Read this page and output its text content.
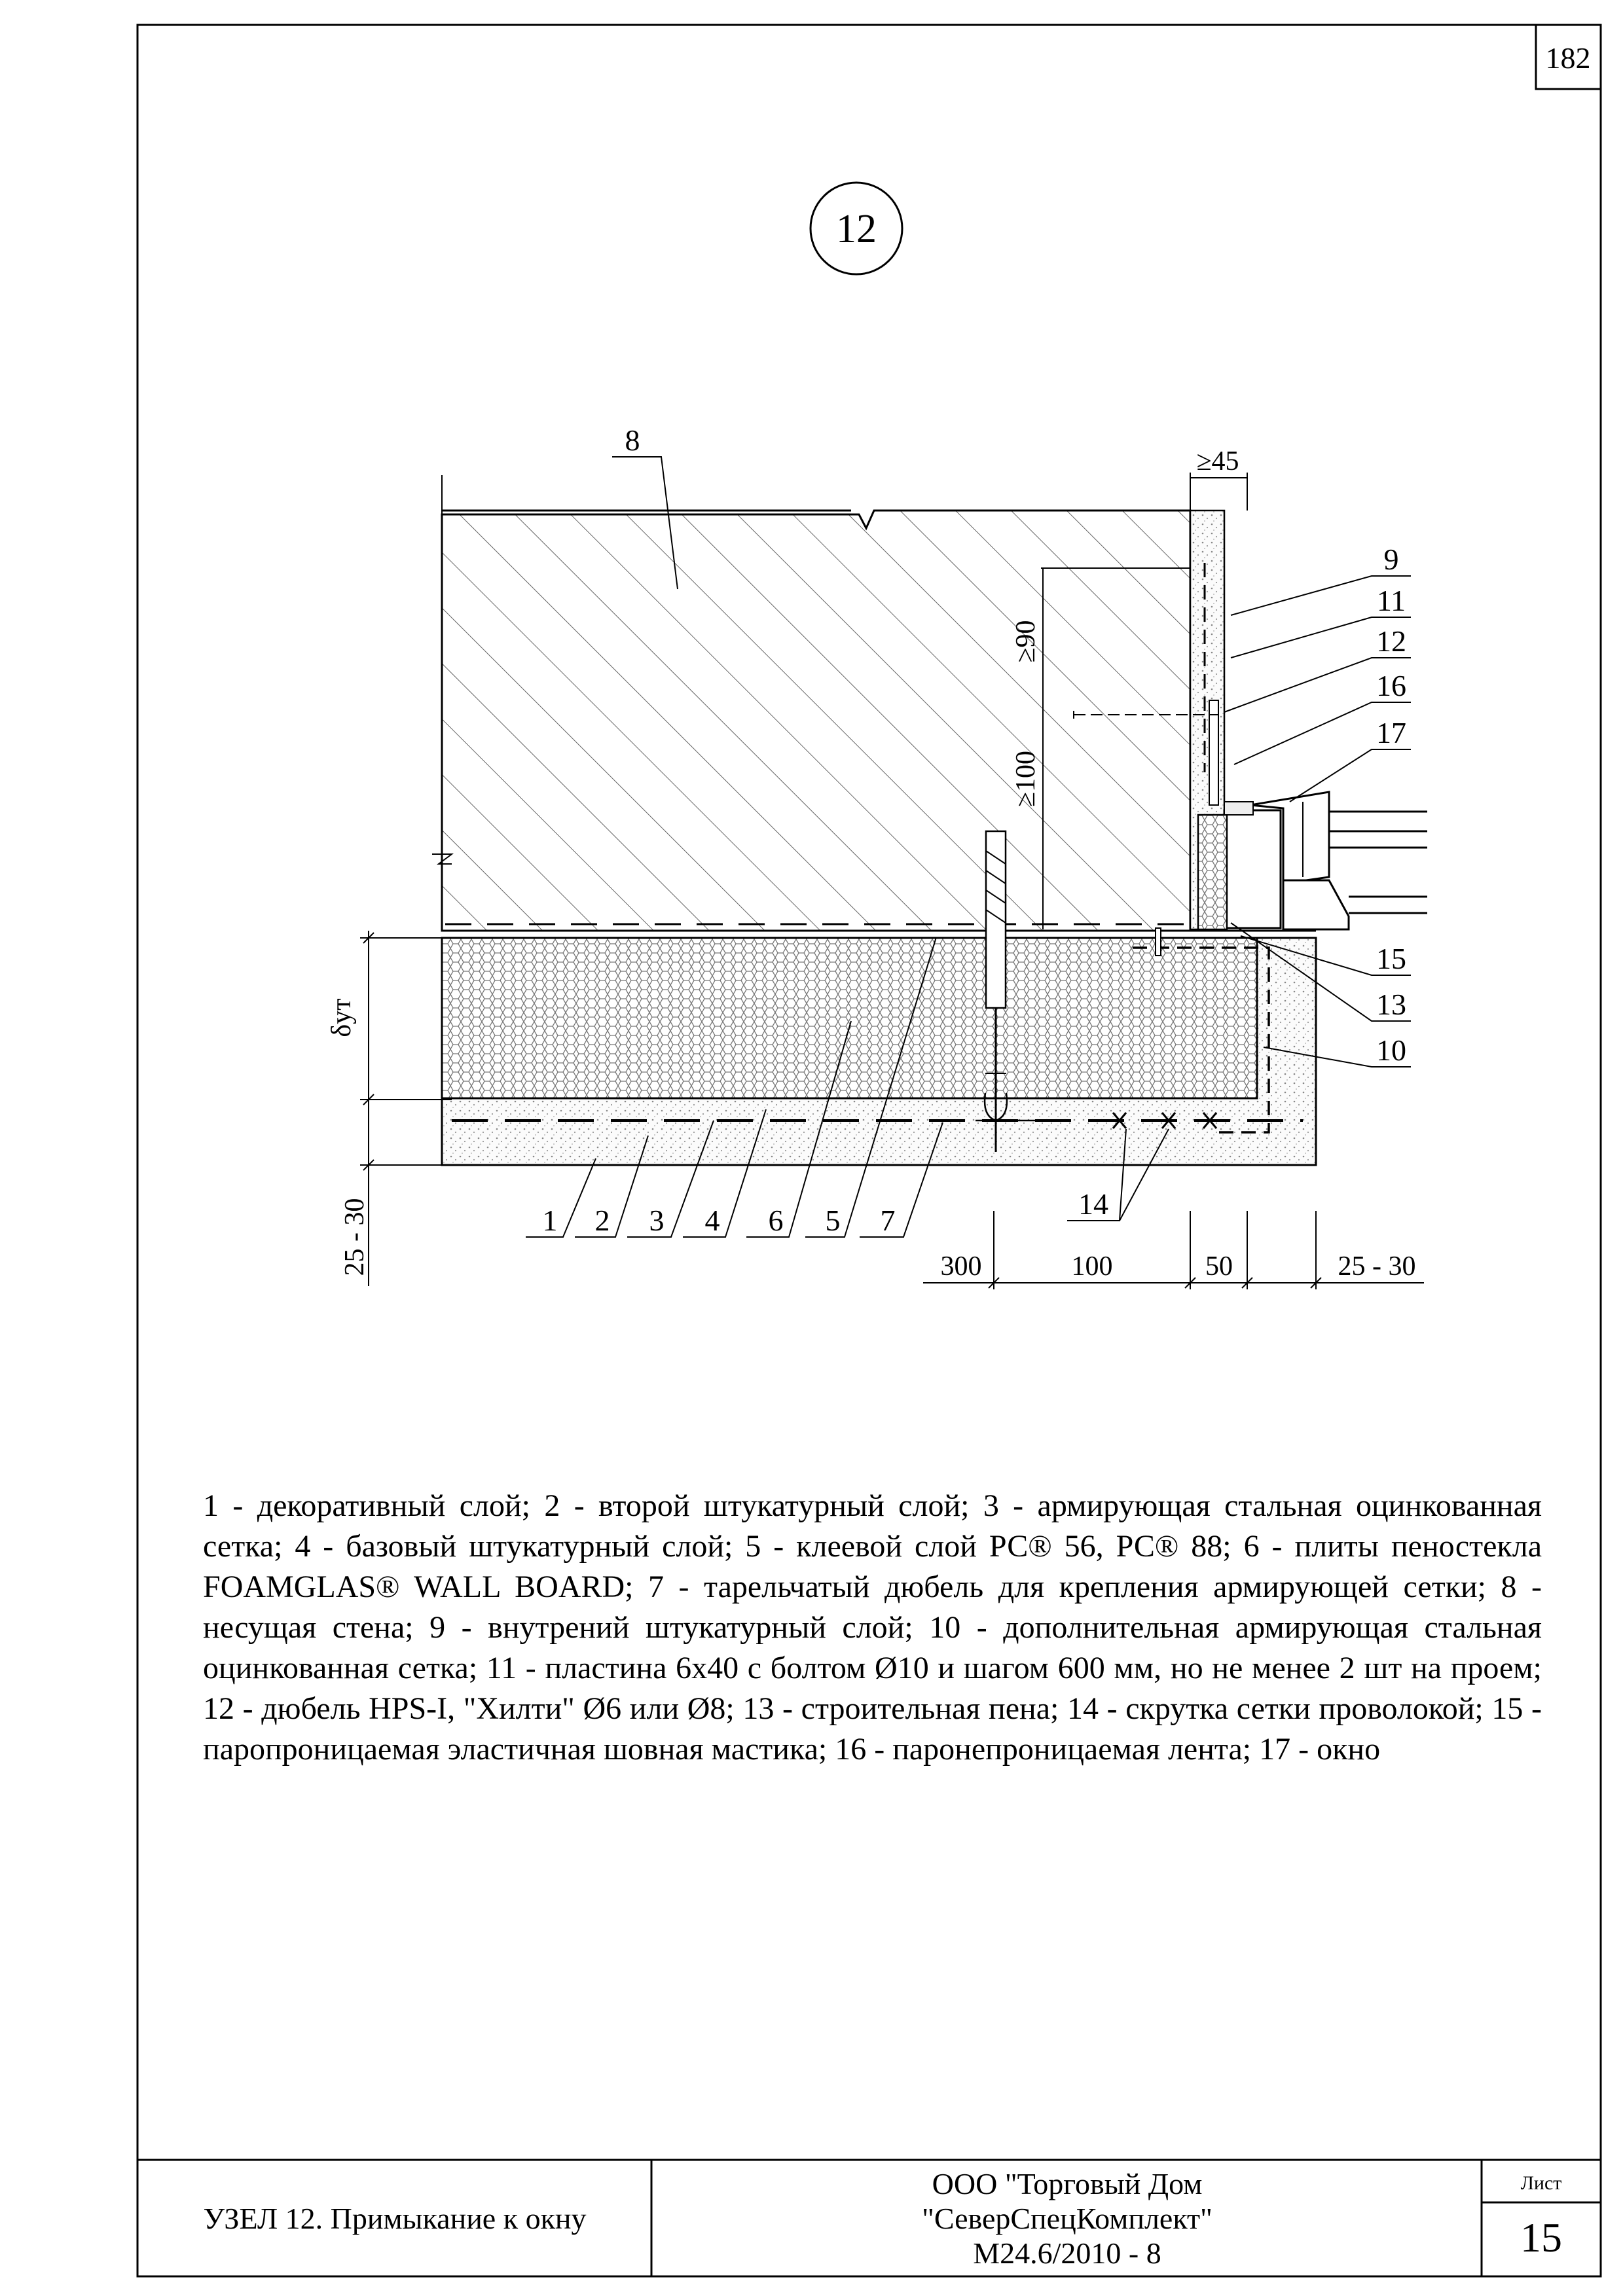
182
12
≥45
≥90
≥100
δут
25 - 30	300	100	50	25 - 30
8
9
11
12
16
17
15
13
10
14
1 2 3 4 6 5 7
УЗЕЛ 12. Примыкание к окну
ООО "Торговый Дом
"СеверСпецКомплект"
М24.6/2010 - 8
Лист
15
1 - декоративный слой; 2 - второй штукатурный слой; 3 - армирующая стальная оцинкованная сетка; 4 - базовый штукатурный слой; 5 - клеевой слой РС® 56, РС® 88; 6 - плиты пеностекла FOAMGLAS® WALL BOARD; 7 - тарельчатый дюбель для крепления армирующей сетки; 8 - несущая стена; 9 - внутрений штукатурный слой; 10 - дополнительная армирующая стальная оцинкованная сетка; 11 - пластина 6х40 с болтом Ø10 и шагом 600 мм, но не менее 2 шт на проем; 12 - дюбель HPS-I, "Хилти" Ø6 или Ø8; 13 - строительная пена; 14 - скрутка сетки проволокой; 15 - паропроницаемая эластичная шовная мастика; 16 - паронепроницаемая лента; 17 - окно
